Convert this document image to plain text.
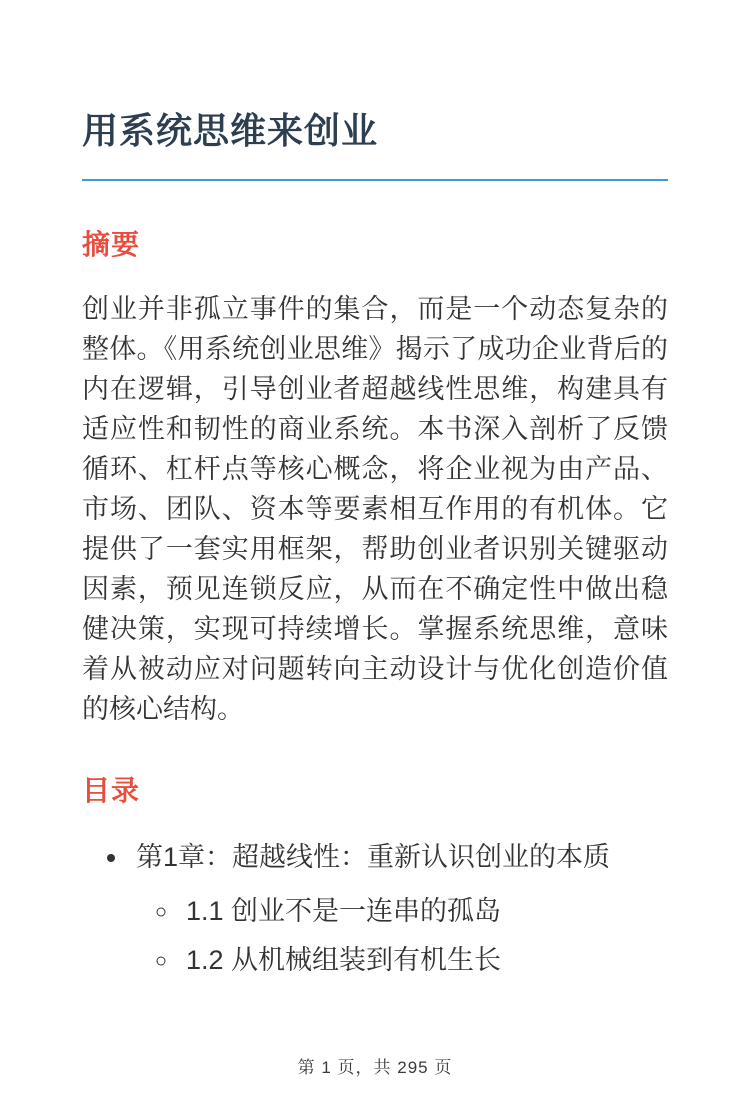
用系统思维来创业
摘要

创业并非孤立事件的集合，而是一个动态复杂的整体。《用系统创业思维》揭示了成功企业背后的内在逻辑，引导创业者超越线性思维，构建具有适应性和韧性的商业系统。本书深入剖析了反馈循环、杠杆点等核心概念，将企业视为由产品、市场、团队、资本等要素相互作用的有机体。它提供了一套实用框架，帮助创业者识别关键驱动因素，预见连锁反应，从而在不确定性中做出稳健决策，实现可持续增长。掌握系统思维，意味着从被动应对问题转向主动设计与优化创造价值的核心结构。

目录
• 第1章：超越线性：重新认识创业的本质
◦ 1.1 创业不是一连串的孤岛
◦ 1.2 从机械组装到有机生长
第 1 页，共 295 页
